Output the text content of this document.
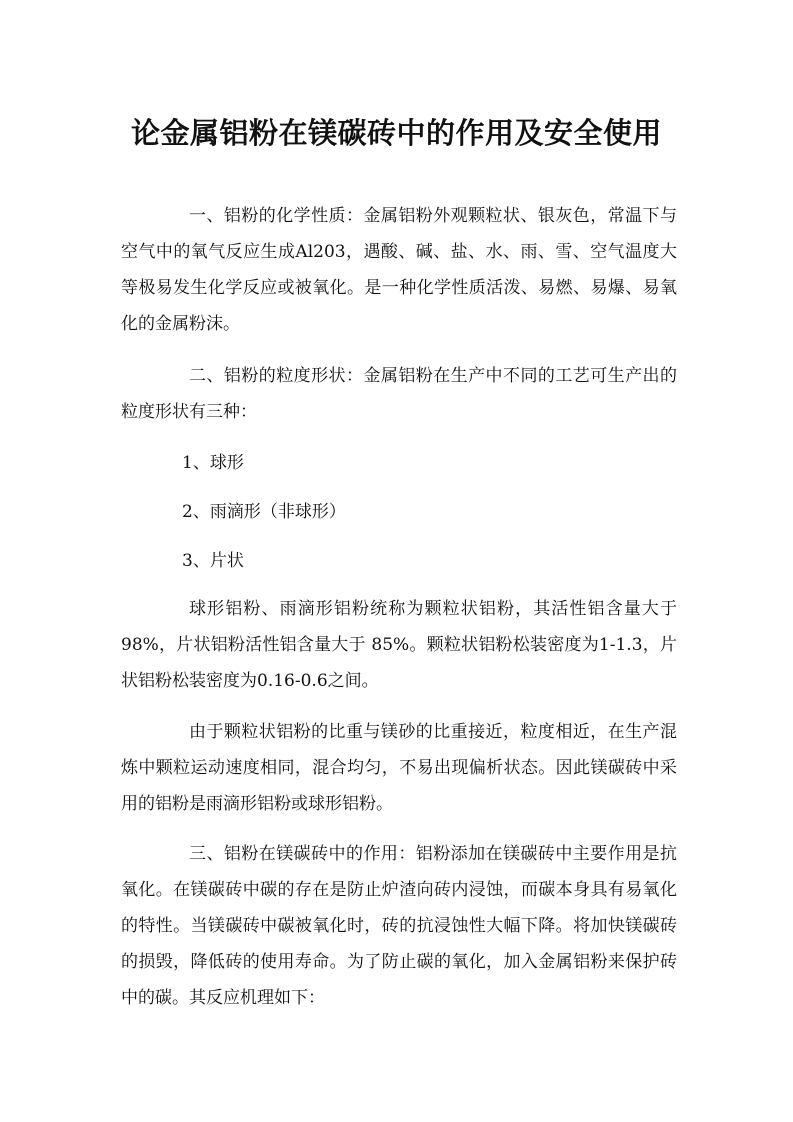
论金属铝粉在镁碳砖中的作用及安全使用

一、铝粉的化学性质：金属铝粉外观颗粒状、银灰色，常温下与空气中的氧气反应生成Al203，遇酸、碱、盐、水、雨、雪、空气温度大等极易发生化学反应或被氧化。是一种化学性质活泼、易燃、易爆、易氧化的金属粉沫。

二、铝粉的粒度形状：金属铝粉在生产中不同的工艺可生产出的粒度形状有三种：

1、球形

2、雨滴形（非球形）

3、片状

球形铝粉、雨滴形铝粉统称为颗粒状铝粉，其活性铝含量大于 98%，片状铝粉活性铝含量大于 85%。颗粒状铝粉松装密度为1-1.3，片状铝粉松装密度为0.16-0.6之间。

由于颗粒状铝粉的比重与镁砂的比重接近，粒度相近，在生产混炼中颗粒运动速度相同，混合均匀，不易出现偏析状态。因此镁碳砖中采用的铝粉是雨滴形铝粉或球形铝粉。

三、铝粉在镁碳砖中的作用：铝粉添加在镁碳砖中主要作用是抗氧化。在镁碳砖中碳的存在是防止炉渣向砖内浸蚀，而碳本身具有易氧化的特性。当镁碳砖中碳被氧化时，砖的抗浸蚀性大幅下降。将加快镁碳砖的损毁，降低砖的使用寿命。为了防止碳的氧化，加入金属铝粉来保护砖中的碳。其反应机理如下：
